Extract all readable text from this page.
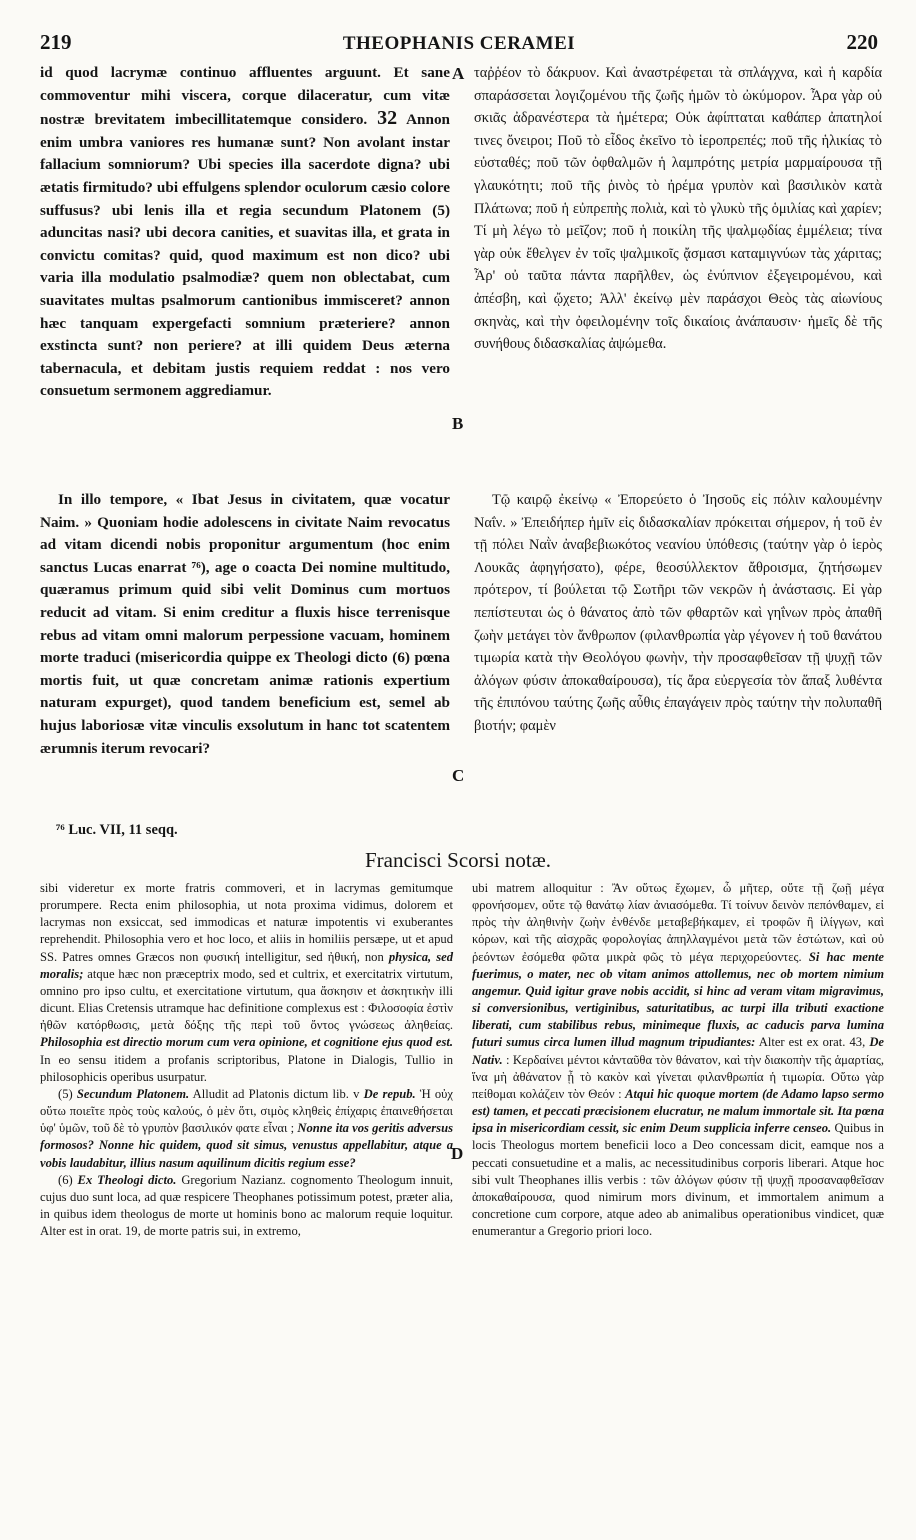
219	THEOPHANIS CERAMEI	220
A
B
C
D

id quod lacrymæ continuo affluentes arguunt. Et sane commoventur mihi viscera, corque dilaceratur, cum vitæ nostræ brevitatem imbecillitatemque considero. 32 Annon enim umbra vaniores res humanæ sunt? Non avolant instar fallacium somniorum? Ubi species illa sacerdote digna? ubi ætatis firmitudo? ubi effulgens splendor oculorum cæsio colore suffusus? ubi lenis illa et regia secundum Platonem (5) aduncitas nasi? ubi decora canities, et suavitas illa, et grata in convictu comitas? quid, quod maximum est non dico? ubi varia illa modulatio psalmodiæ? quem non oblectabat, cum suavitates multas psalmorum cantionibus immisceret? annon hæc tanquam expergefacti somnium præteriere? annon exstincta sunt? non periere? at illi quidem Deus æterna tabernacula, et debitam justis requiem reddat : nos vero consuetum sermonem aggrediamur.

ταῤῥέον τὸ δάκρυον. Καὶ ἀναστρέφεται τὰ σπλάγχνα, καὶ ἡ καρδία σπαράσσεται λογιζομένου τῆς ζωῆς ἡμῶν τὸ ὠκύμορον. Ἆρα γὰρ οὐ σκιᾶς ἀδρανέστερα τὰ ἡμέτερα; Οὐκ ἀφίπταται καθάπερ ἀπατηλοί τινες ὄνειροι; Ποῦ τὸ εἶδος ἐκεῖνο τὸ ἱεροπρεπές; ποῦ τῆς ἡλικίας τὸ εὐσταθές; ποῦ τῶν ὀφθαλμῶν ἡ λαμπρότης μετρία μαρμαίρουσα τῇ γλαυκότητι; ποῦ τῆς ῥινὸς τὸ ἠρέμα γρυπὸν καὶ βασιλικὸν κατὰ Πλάτωνα; ποῦ ἡ εὐπρεπὴς πολιὰ, καὶ τὸ γλυκὺ τῆς ὁμιλίας καὶ χαρίεν; Τί μὴ λέγω τὸ μεῖζον; ποῦ ἡ ποικίλη τῆς ψαλμῳδίας ἐμμέλεια; τίνα γὰρ οὐκ ἔθελγεν ἐν τοῖς ψαλμικοῖς ᾄσμασι καταμιγνύων τὰς χάριτας; Ἆρ' οὐ ταῦτα πάντα παρῆλθεν, ὡς ἐνύπνιον ἐξεγειρομένου, καὶ ἀπέσβη, καὶ ᾤχετο; Ἀλλ' ἐκείνῳ μὲν παράσχοι Θεὸς τὰς αἰωνίους σκηνὰς, καὶ τὴν ὀφειλομένην τοῖς δικαίοις ἀνάπαυσιν· ἡμεῖς δὲ τῆς συνήθους διδασκαλίας ἀψώμεθα.

In illo tempore, « Ibat Jesus in civitatem, quæ vocatur Naim. » Quoniam hodie adolescens in civitate Naim revocatus ad vitam dicendi nobis proponitur argumentum (hoc enim sanctus Lucas enarrat ⁷⁶), age o coacta Dei nomine multitudo, quæramus primum quid sibi velit Dominus cum mortuos reducit ad vitam. Si enim creditur a fluxis hisce terrenisque rebus ad vitam omni malorum perpessione vacuam, hominem morte traduci (misericordia quippe ex Theologi dicto (6) pœna mortis fuit, ut quæ concretam animæ rationis expertium naturam expurget), quod tandem beneficium est, semel ab hujus laboriosæ vitæ vinculis exsolutum in hanc tot scatentem ærumnis iterum revocari?

Τῷ καιρῷ ἐκείνῳ « Ἐπορεύετο ὁ Ἰησοῦς εἰς πόλιν καλουμένην Ναΐν. » Ἐπειδήπερ ἡμῖν εἰς διδασκαλίαν πρόκειται σήμερον, ἡ τοῦ ἐν τῇ πόλει Ναῒν ἀναβεβιωκότος νεανίου ὑπόθεσις (ταύτην γὰρ ὁ ἱερὸς Λουκᾶς ἀφηγήσατο), φέρε, θεοσύλλεκτον ἄθροισμα, ζητήσωμεν πρότερον, τί βούλεται τῷ Σωτῆρι τῶν νεκρῶν ἡ ἀνάστασις. Εἰ γὰρ πεπίστευται ὡς ὁ θάνατος ἀπὸ τῶν φθαρτῶν καὶ γηΐνων πρὸς ἀπαθῆ ζωὴν μετάγει τὸν ἄνθρωπον (φιλανθρωπία γὰρ γέγονεν ἡ τοῦ θανάτου τιμωρία κατὰ τὴν Θεολόγου φωνὴν, τὴν προσαφθεῖσαν τῇ ψυχῇ τῶν ἀλόγων φύσιν ἀποκαθαίρουσα), τίς ἄρα εὐεργεσία τὸν ἅπαξ λυθέντα τῆς ἐπιπόνου ταύτης ζωῆς αὖθις ἐπαγάγειν πρὸς ταύτην τὴν πολυπαθῆ βιοτήν; φαμὲν

⁷⁶ Luc. VII, 11 seqq.
Francisci Scorsi notæ.

sibi videretur ex morte fratris commoveri, et in lacrymas gemitumque prorumpere. Recta enim philosophia, ut nota proxima vidimus, dolorem et lacrymas non exsiccat, sed immodicas et naturæ impotentis vi exuberantes reprehendit. Philosophia vero et hoc loco, et aliis in homiliis persæpe, ut et apud SS. Patres omnes Græcos non φυσική intelligitur, sed ἠθική, non physica, sed moralis; atque hæc non præceptrix modo, sed et cultrix, et exercitatrix virtutum, omnino pro ipso cultu, et exercitatione virtutum, qua ἄσκησιν et ἀσκητικὴν illi dicunt. Elias Cretensis utramque hac definitione complexus est : Φιλοσοφία ἐστὶν ἠθῶν κατόρθωσις, μετὰ δόξης τῆς περὶ τοῦ ὄντος γνώσεως ἀληθείας. Philosophia est directio morum cum vera opinione, et cognitione ejus quod est. In eo sensu itidem a profanis scriptoribus, Platone in Dialogis, Tullio in philosophicis operibus usurpatur.

(5) Secundum Platonem. Alludit ad Platonis dictum lib. v De repub. Ἡ οὐχ οὕτω ποιεῖτε πρὸς τοὺς καλούς, ὁ μὲν ὅτι, σιμὸς κληθεὶς ἐπίχαρις ἐπαινεθήσεται ὑφ' ὑμῶν, τοῦ δὲ τὸ γρυπὸν βασιλικόν φατε εἶναι ; Nonne ita vos geritis adversus formosos? Nonne hic quidem, quod sit simus, venustus appellabitur, atque a vobis laudabitur, illius nasum aquilinum dicitis regium esse?

(6) Ex Theologi dicto. Gregorium Nazianz. cognomento Theologum innuit, cujus duo sunt loca, ad quæ respicere Theophanes potissimum potest, præter alia, in quibus idem theologus de morte ut hominis bono ac malorum requie loquitur. Alter est in orat. 19, de morte patris sui, in extremo,

ubi matrem alloquitur : Ἂν οὕτως ἔχωμεν, ὦ μῆτερ, οὔτε τῇ ζωῇ μέγα φρονήσομεν, οὔτε τῷ θανάτῳ λίαν ἀνιασόμεθα. Τί τοίνυν δεινὸν πεπόνθαμεν, εἰ πρὸς τὴν ἀληθινὴν ζωὴν ἐνθένδε μεταβεβήκαμεν, εἰ τροφῶν ἢ ἰλίγγων, καὶ κόρων, καὶ τῆς αἰσχρᾶς φορολογίας ἀπηλλαγμένοι μετὰ τῶν ἑστώτων, καὶ οὐ ῥεόντων ἐσόμεθα φῶτα μικρὰ φῶς τὸ μέγα περιχορεύοντες. Si hac mente fuerimus, o mater, nec ob vitam animos attollemus, nec ob mortem nimium angemur. Quid igitur grave nobis accidit, si hinc ad veram vitam migravimus, si conversionibus, vertiginibus, saturitatibus, ac turpi illa tributi exactione liberati, cum stabilibus rebus, minimeque fluxis, ac caducis parva lumina futuri sumus circa lumen illud magnum tripudiantes: Alter est ex orat. 43, De Nativ. : Κερδαίνει μέντοι κἀνταῦθα τὸν θάνατον, καὶ τὴν διακοπὴν τῆς ἁμαρτίας, ἵνα μὴ ἀθάνατον ᾖ τὸ κακὸν καὶ γίνεται φιλανθρωπία ἡ τιμωρία. Οὕτω γὰρ πείθομαι κολάζειν τὸν Θεόν : Atqui hic quoque mortem (de Adamo lapso sermo est) tamen, et peccati præcisionem elucratur, ne malum immortale sit. Ita pœna ipsa in misericordiam cessit, sic enim Deum supplicia inferre censeo. Quibus in locis Theologus mortem beneficii loco a Deo concessam dicit, eamque nos a peccati consuetudine et a malis, ac necessitudinibus corporis liberari. Atque hoc sibi vult Theophanes illis verbis : τῶν ἀλόγων φύσιν τῇ ψυχῇ προσαναφθεῖσαν ἀποκαθαίρουσα, quod nimirum mors divinum, et immortalem animum a concretione cum corpore, atque adeo ab animalibus operationibus vindicet, quæ enumerantur a Gregorio priori loco.
